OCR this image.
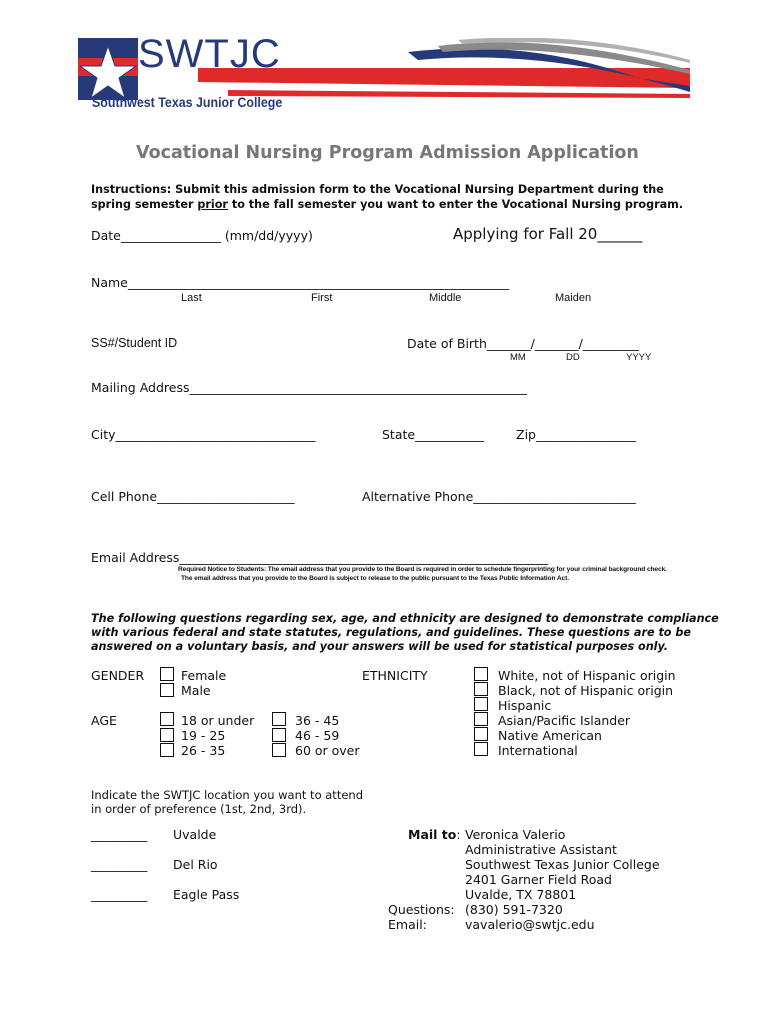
SWTJC
Southwest Texas Junior College
Vocational Nursing Program Admission Application
Instructions: Submit this admission form to the Vocational Nursing Department during the
spring semester prior to the fall semester you want to enter the Vocational Nursing program.
Date________________ (mm/dd/yyyy)	Applying for Fall 20______
Name_____________________________________________________________
Last	First	Middle	Maiden
SS#/Student ID	Date of Birth_______/_______/_________
MM	DD	YYYY
Mailing Address______________________________________________________
City________________________________	State___________	Zip________________
Cell Phone______________________	Alternative Phone__________________________
Email Address___________________________________________________________
Required Notice to Students: The email address that you provide to the Board is required in order to schedule fingerprinting for your criminal background check.
The email address that you provide to the Board is subject to release to the public pursuant to the Texas Public Information Act.
The following questions regarding sex, age, and ethnicity are designed to demonstrate compliance
with various federal and state statutes, regulations, and guidelines. These questions are to be
answered on a voluntary basis, and your answers will be used for statistical purposes only.
GENDER	Female
Male
AGE	18 or under
19 - 25
26 - 35
36 - 45
46 - 59
60 or over
ETHNICITY	White, not of Hispanic origin
Black, not of Hispanic origin
Hispanic
Asian/Pacific Islander
Native American
International
Indicate the SWTJC location you want to attend
in order of preference (1st, 2nd, 3rd).
_________ Uvalde
_________ Del Rio
_________ Eagle Pass
Mail to: Veronica Valerio
Administrative Assistant
Southwest Texas Junior College
2401 Garner Field Road
Uvalde, TX 78801
Questions: (830) 591-7320
Email:	vavalerio@swtjc.edu
